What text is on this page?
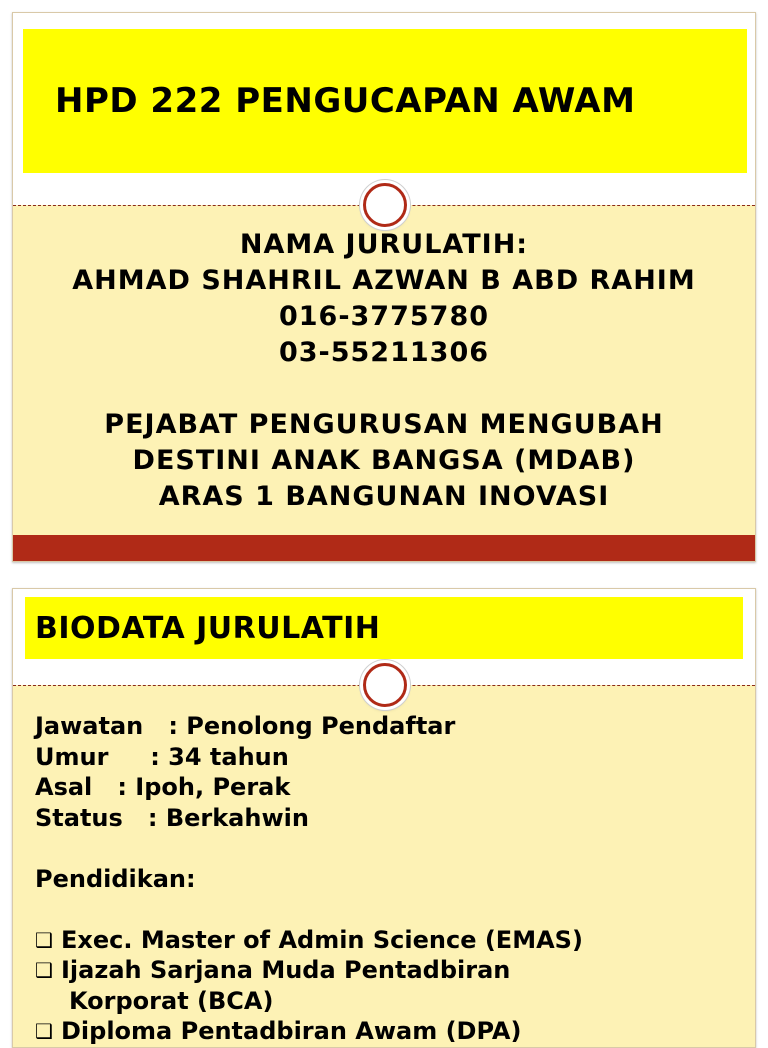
HPD 222 PENGUCAPAN AWAM
NAMA JURULATIH:
AHMAD SHAHRIL AZWAN B ABD RAHIM
016-3775780
03-55211306
PEJABAT PENGURUSAN MENGUBAH
DESTINI ANAK BANGSA (MDAB)
ARAS 1 BANGUNAN INOVASI
BIODATA JURULATIH
Jawatan   : Penolong Pendaftar
Umur     : 34 tahun
Asal   : Ipoh, Perak
Status   : Berkahwin
Pendidikan:
❑ Exec. Master of Admin Science (EMAS)
❑ Ijazah Sarjana Muda Pentadbiran
Korporat (BCA)
❑ Diploma Pentadbiran Awam (DPA)
